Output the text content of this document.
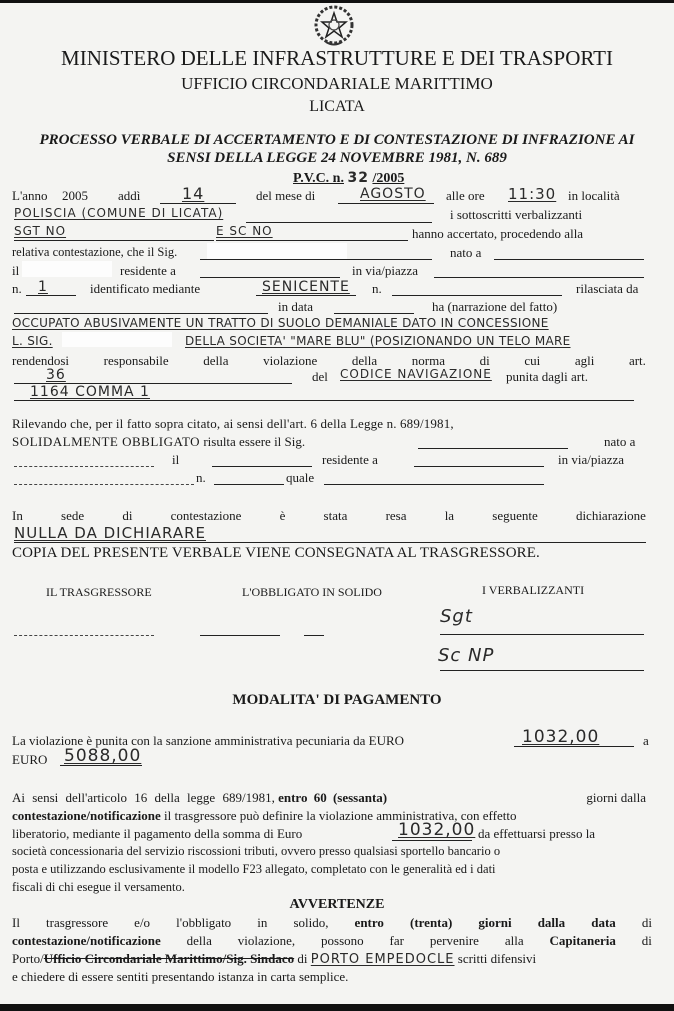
MINISTERO DELLE INFRASTRUTTURE E DEI TRASPORTI
UFFICIO CIRCONDARIALE MARITTIMO
LICATA
PROCESSO VERBALE DI ACCERTAMENTO E DI CONTESTAZIONE DI INFRAZIONE AI
SENSI DELLA LEGGE 24 NOVEMBRE 1981, N. 689
P.V.C. n. 32 /2005
L'anno 2005 addì	14	del mese di	AGOSTO alle ore 11:30 in località
POLISCIA (COMUNE DI LICATA)	i sottoscritti verbalizzanti
SGT NO	E SC NO	hanno accertato, procedendo alla
relativa contestazione, che il Sig.	nato a
il	residente a	in via/piazza
n. 1	identificato mediante	SENICENTE n.	rilasciata da
in data	ha (narrazione del fatto)
OCCUPATO ABUSIVAMENTE UN TRATTO DI SUOLO DEMANIALE DATO IN CONCESSIONE
L. SIG.	DELLA SOCIETA' "MARE BLU" (POSIZIONANDO UN TELO MARE
rendendosi	responsabile	della	violazione	della	norma	di	cui	agli	art.
36	del CODICE NAVIGAZIONE punita dagli art.
1164 COMMA 1
Rilevando che, per il fatto sopra citato, ai sensi dell'art. 6 della Legge n. 689/1981,
SOLIDALMENTE OBBLIGATO risulta essere il Sig.	nato a
il	residente a	in via/piazza
n.	quale
In	sede	di	contestazione	è	stata	resa	la	seguente	dichiarazione
NULLA DA DICHIARARE
COPIA DEL PRESENTE VERBALE VIENE CONSEGNATA AL TRASGRESSORE.
IL TRASGRESSORE	L'OBBLIGATO IN SOLIDO	I VERBALIZZANTI
Sgt
Sc NP
MODALITA' DI PAGAMENTO
La violazione è punita con la sanzione amministrativa pecuniaria da EURO	1032,00	a
EURO 5088,00
Ai sensi dell'articolo 16 della legge 689/1981, entro 60 (sessanta)	giorni dalla
contestazione/notificazione il trasgressore può definire la violazione amministrativa, con effetto
liberatorio, mediante il pagamento della somma di Euro	1032,00 da effettuarsi presso la
società concessionaria del servizio riscossioni tributi, ovvero presso qualsiasi sportello bancario o
posta e utilizzando esclusivamente il modello F23 allegato, completato con le generalità ed i dati
fiscali di chi esegue il versamento.
AVVERTENZE
Il trasgressore e/o l'obbligato in solido, entro (trenta) giorni dalla data di
contestazione/notificazione della violazione, possono far pervenire alla Capitaneria di
Porto/Ufficio Circondariale Marittimo/Sig. Sindaco di PORTO EMPEDOCLE scritti difensivi
e chiedere di essere sentiti presentando istanza in carta semplice.
